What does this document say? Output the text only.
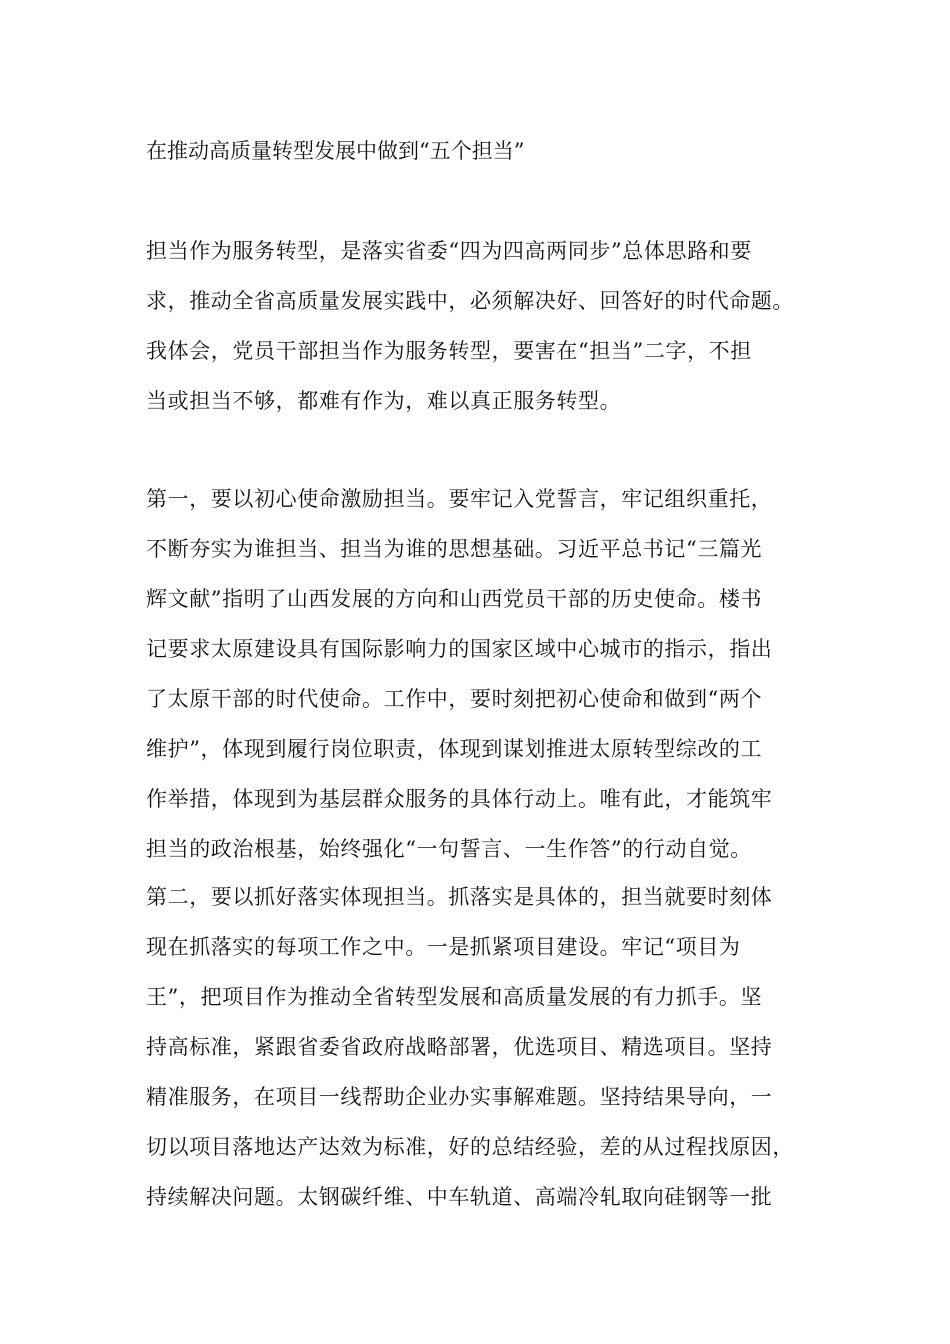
在推动高质量转型发展中做到“五个担当”
担当作为服务转型，是落实省委“四为四高两同步”总体思路和要
求，推动全省高质量发展实践中，必须解决好、回答好的时代命题。
我体会，党员干部担当作为服务转型，要害在“担当”二字，不担
当或担当不够，都难有作为，难以真正服务转型。
第一，要以初心使命激励担当。要牢记入党誓言，牢记组织重托，
不断夯实为谁担当、担当为谁的思想基础。习近平总书记“三篇光
辉文献”指明了山西发展的方向和山西党员干部的历史使命。楼书
记要求太原建设具有国际影响力的国家区域中心城市的指示，指出
了太原干部的时代使命。工作中，要时刻把初心使命和做到“两个
维护”，体现到履行岗位职责，体现到谋划推进太原转型综改的工
作举措，体现到为基层群众服务的具体行动上。唯有此，才能筑牢
担当的政治根基，始终强化“一句誓言、一生作答”的行动自觉。
第二，要以抓好落实体现担当。抓落实是具体的，担当就要时刻体
现在抓落实的每项工作之中。一是抓紧项目建设。牢记“项目为
王”，把项目作为推动全省转型发展和高质量发展的有力抓手。坚
持高标准，紧跟省委省政府战略部署，优选项目、精选项目。坚持
精准服务，在项目一线帮助企业办实事解难题。坚持结果导向，一
切以项目落地达产达效为标准，好的总结经验，差的从过程找原因，
持续解决问题。太钢碳纤维、中车轨道、高端冷轧取向硅钢等一批
